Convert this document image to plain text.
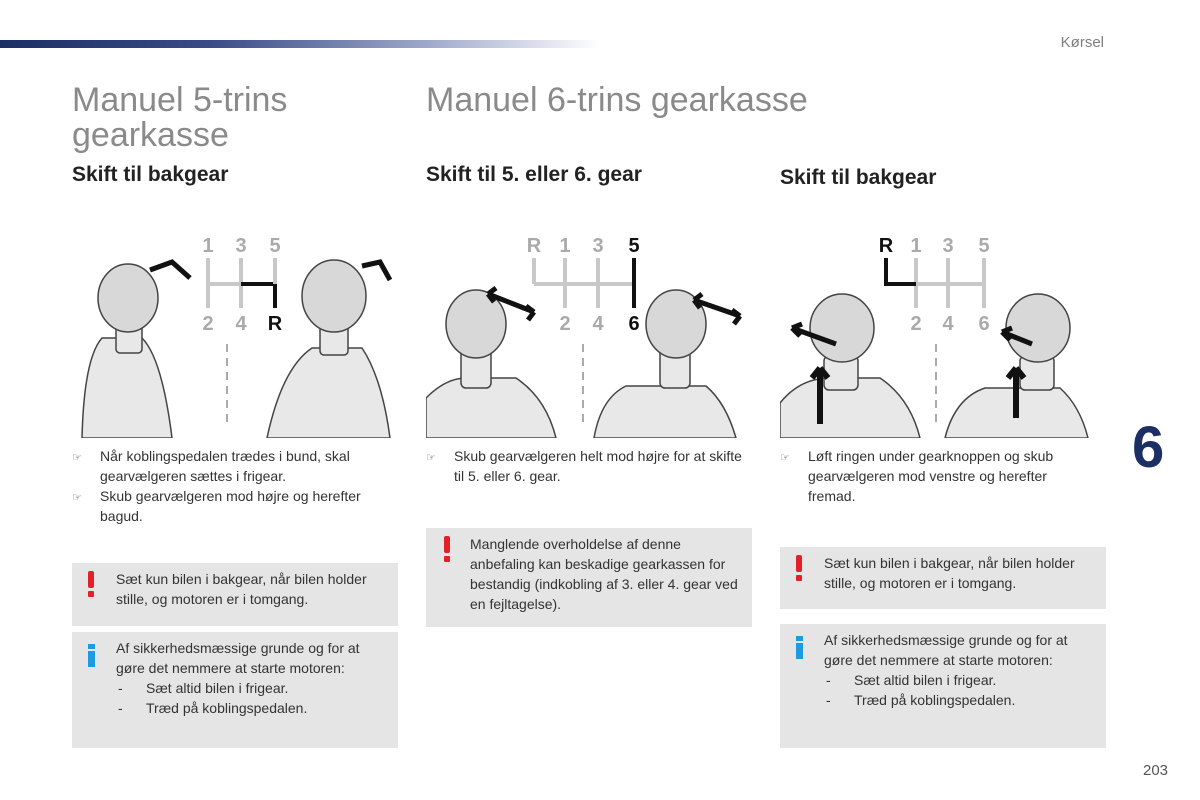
Kørsel
Manuel 5-trins
gearkasse
Manuel 6-trins gearkasse
Skift til bakgear	Skift til 5. eller 6. gear	Skift til bakgear
1 3 5
2 4 R
R 1 3 5
2 4 6
R 1 3 5
2 4 6
☞ Når koblingspedalen trædes i bund, skal gearvælgeren sættes i frigear.
☞ Skub gearvælgeren mod højre og herefter bagud.
☞ Skub gearvælgeren helt mod højre for at skifte til 5. eller 6. gear.
☞ Løft ringen under gearknoppen og skub gearvælgeren mod venstre og herefter fremad.
Sæt kun bilen i bakgear, når bilen holder stille, og motoren er i tomgang.
Af sikkerhedsmæssige grunde og for at gøre det nemmere at starte motoren:
- Sæt altid bilen i frigear.
- Træd på koblingspedalen.
Manglende overholdelse af denne anbefaling kan beskadige gearkassen for bestandig (indkobling af 3. eller 4. gear ved en fejltagelse).
Sæt kun bilen i bakgear, når bilen holder stille, og motoren er i tomgang.
Af sikkerhedsmæssige grunde og for at gøre det nemmere at starte motoren:
- Sæt altid bilen i frigear.
- Træd på koblingspedalen.
6
203
